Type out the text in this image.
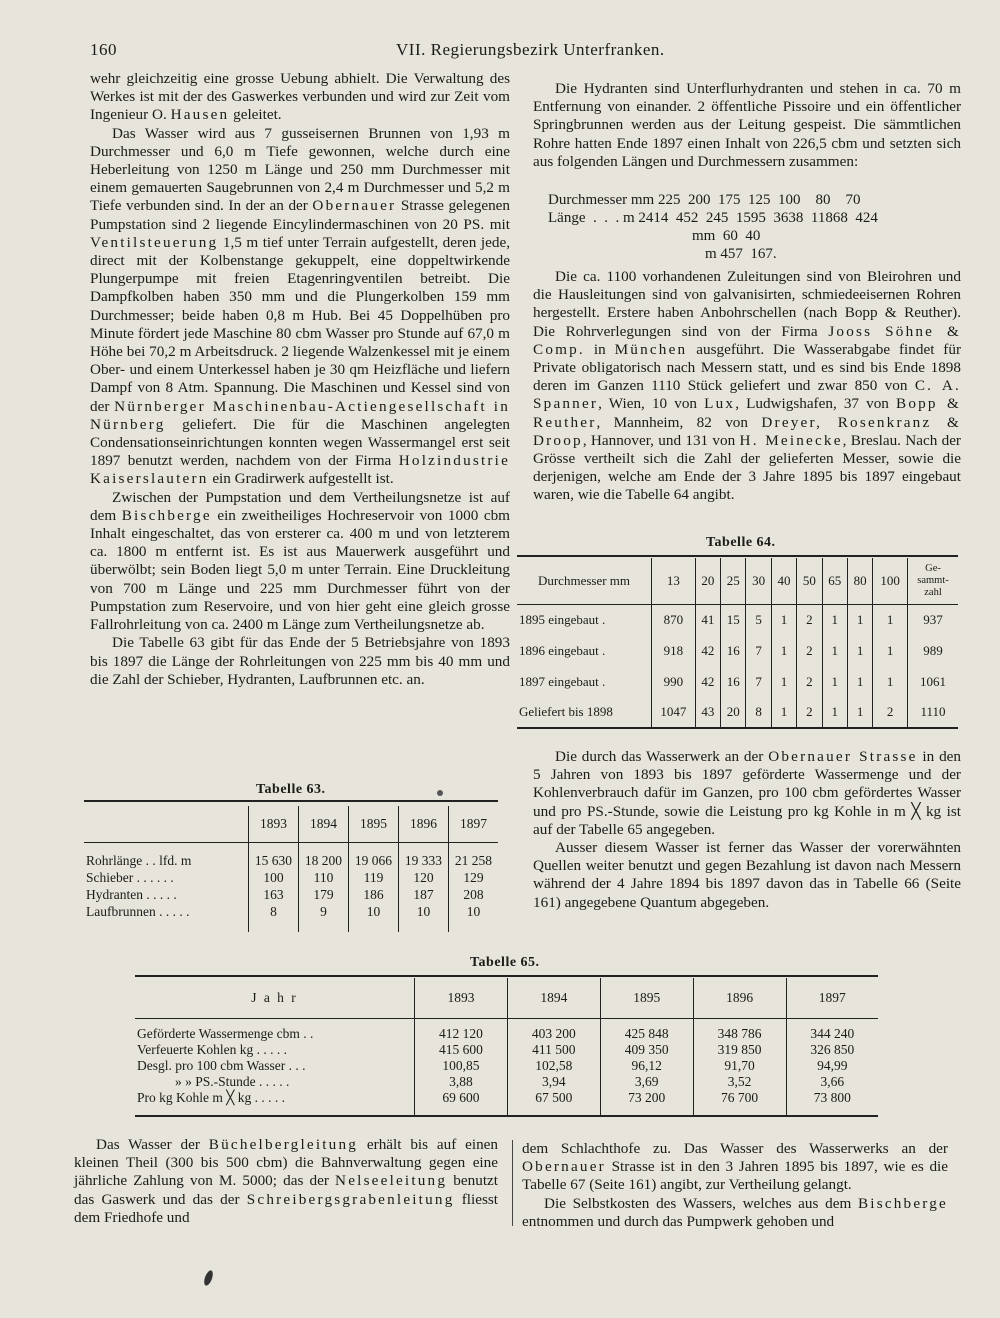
160	VII. Regierungsbezirk Unterfranken.

wehr gleichzeitig eine grosse Uebung abhielt. Die Verwaltung des Werkes ist mit der des Gaswerkes verbunden und wird zur Zeit vom Ingenieur O. Hausen geleitet.

Das Wasser wird aus 7 gusseisernen Brunnen von 1,93 m Durchmesser und 6,0 m Tiefe gewonnen, welche durch eine Heberleitung von 1250 m Länge und 250 mm Durchmesser mit einem gemauerten Saugebrunnen von 2,4 m Durchmesser und 5,2 m Tiefe verbunden sind. In der an der Obernauer Strasse gelegenen Pumpstation sind 2 liegende Eincylindermaschinen von 20 PS. mit Ventilsteuerung 1,5 m tief unter Terrain aufgestellt, deren jede, direct mit der Kolbenstange gekuppelt, eine doppeltwirkende Plungerpumpe mit freien Etagenringventilen betreibt. Die Dampfkolben haben 350 mm und die Plungerkolben 159 mm Durchmesser; beide haben 0,8 m Hub. Bei 45 Doppelhüben pro Minute fördert jede Maschine 80 cbm Wasser pro Stunde auf 67,0 m Höhe bei 70,2 m Arbeitsdruck. 2 liegende Walzenkessel mit je einem Ober- und einem Unterkessel haben je 30 qm Heizfläche und liefern Dampf von 8 Atm. Spannung. Die Maschinen und Kessel sind von der Nürnberger Maschinenbau-Actiengesellschaft in Nürnberg geliefert. Die für die Maschinen angelegten Condensationseinrichtungen konnten wegen Wassermangel erst seit 1897 benutzt werden, nachdem von der Firma Holzindustrie Kaiserslautern ein Gradirwerk aufgestellt ist.

Zwischen der Pumpstation und dem Vertheilungsnetze ist auf dem Bischberge ein zweitheiliges Hochreservoir von 1000 cbm Inhalt eingeschaltet, das von ersterer ca. 400 m und von letzterem ca. 1800 m entfernt ist. Es ist aus Mauerwerk ausgeführt und überwölbt; sein Boden liegt 5,0 m unter Terrain. Eine Druckleitung von 700 m Länge und 225 mm Durchmesser führt von der Pumpstation zum Reservoire, und von hier geht eine gleich grosse Fallrohrleitung von ca. 2400 m Länge zum Vertheilungsnetze ab.

Die Tabelle 63 gibt für das Ende der 5 Betriebsjahre von 1893 bis 1897 die Länge der Rohrleitungen von 225 mm bis 40 mm und die Zahl der Schieber, Hydranten, Laufbrunnen etc. an.

Tabelle 63.
	1893	1894	1895	1896	1897

Rohrlänge . . lfd. m	15 630	18 200	19 066	19 333	21 258
Schieber . . . . . .	100	110	119	120	129
Hydranten . . . . .	163	179	186	187	208
Laufbrunnen . . . . .	8	9	10	10	10

Die Hydranten sind Unterflurhydranten und stehen in ca. 70 m Entfernung von einander. 2 öffentliche Pissoire und ein öffentlicher Springbrunnen werden aus der Leitung gespeist. Die sämmtlichen Rohre hatten Ende 1897 einen Inhalt von 226,5 cbm und setzten sich aus folgenden Längen und Durchmessern zusammen:

Durchmesser mm 225  200  175  125  100    80    70
Länge  .  .  . m 2414  452  245  1595  3638  11868  424
mm  60  40
m 457  167.

Die ca. 1100 vorhandenen Zuleitungen sind von Bleirohren und die Hausleitungen sind von galvanisirten, schmiedeeisernen Rohren hergestellt. Erstere haben Anbohrschellen (nach Bopp & Reuther). Die Rohrverlegungen sind von der Firma Jooss Söhne & Comp. in München ausgeführt. Die Wasserabgabe findet für Private obligatorisch nach Messern statt, und es sind bis Ende 1898 deren im Ganzen 1110 Stück geliefert und zwar 850 von C. A. Spanner, Wien, 10 von Lux, Ludwigshafen, 37 von Bopp & Reuther, Mannheim, 82 von Dreyer, Rosenkranz & Droop, Hannover, und 131 von H. Meinecke, Breslau. Nach der Grösse vertheilt sich die Zahl der gelieferten Messer, sowie die derjenigen, welche am Ende der 3 Jahre 1895 bis 1897 eingebaut waren, wie die Tabelle 64 angibt.

Tabelle 64.
Durchmesser mm	13	20	25	30	40	50	65	80	100	Ge-sammt-zahl
1895 eingebaut .	870	41	15	5	1	2	1	1	1	937
1896 eingebaut .	918	42	16	7	1	2	1	1	1	989
1897 eingebaut .	990	42	16	7	1	2	1	1	1	1061
Geliefert bis 1898	1047	43	20	8	1	2	1	1	2	1110

Die durch das Wasserwerk an der Obernauer Strasse in den 5 Jahren von 1893 bis 1897 geförderte Wassermenge und der Kohlenverbrauch dafür im Ganzen, pro 100 cbm gefördertes Wasser und pro PS.-Stunde, sowie die Leistung pro kg Kohle in m ╳ kg ist auf der Tabelle 65 angegeben.

Ausser diesem Wasser ist ferner das Wasser der vorerwähnten Quellen weiter benutzt und gegen Bezahlung ist davon nach Messern während der 4 Jahre 1894 bis 1897 davon das in Tabelle 66 (Seite 161) angegebene Quantum abgegeben.

Tabelle 65.
J a h r	1893	1894	1895	1896	1897

Geförderte Wassermenge cbm . .	412 120	403 200	425 848	348 786	344 240
Verfeuerte Kohlen kg . . . . .	415 600	411 500	409 350	319 850	326 850
Desgl. pro 100 cbm Wasser . . .	100,85	102,58	96,12	91,70	94,99
» » PS.-Stunde . . . . .	3,88	3,94	3,69	3,52	3,66
Pro kg Kohle m ╳ kg . . . . .	69 600	67 500	73 200	76 700	73 800

Das Wasser der Büchelbergleitung erhält bis auf einen kleinen Theil (300 bis 500 cbm) die Bahnverwaltung gegen eine jährliche Zahlung von M. 5000; das der Nelseeleitung benutzt das Gaswerk und das der Schreibergsgrabenleitung fliesst dem Friedhofe und

dem Schlachthofe zu. Das Wasser des Wasserwerks an der Obernauer Strasse ist in den 3 Jahren 1895 bis 1897, wie es die Tabelle 67 (Seite 161) angibt, zur Vertheilung gelangt.

Die Selbstkosten des Wassers, welches aus dem Bischberge entnommen und durch das Pumpwerk gehoben und
